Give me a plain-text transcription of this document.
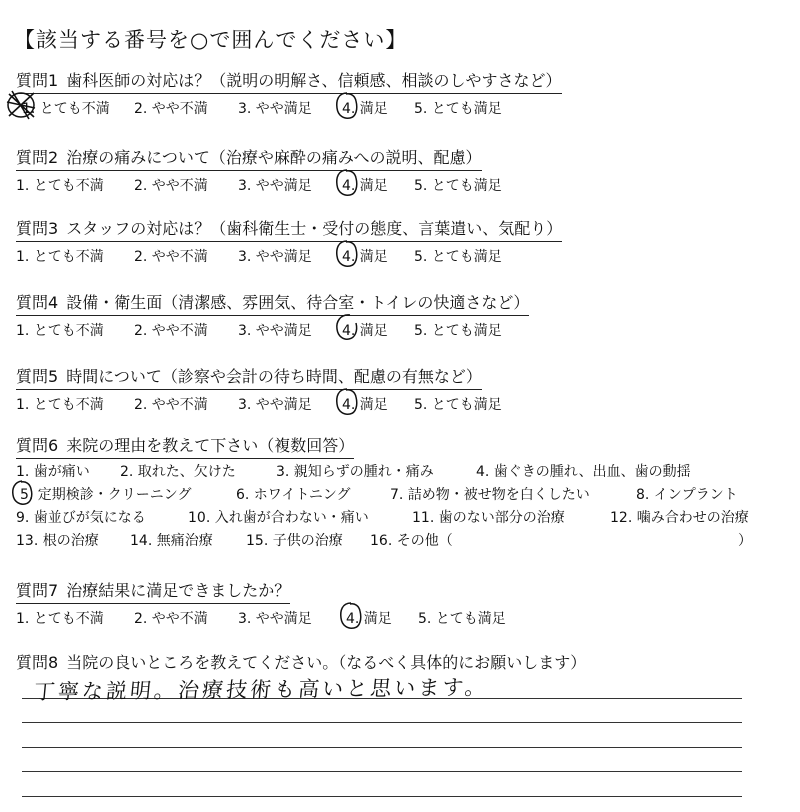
【該当する番号を○で囲んでください】
質問1 歯科医師の対応は？（説明の明解さ、信頼感、相談のしやすさなど）
1. とても不満 2. やや不満 3. やや満足 4. 満足 5. とても満足
質問2 治療の痛みについて（治療や麻酔の痛みへの説明、配慮）
1. とても不満 2. やや不満 3. やや満足 4. 満足 5. とても満足
質問3 スタッフの対応は？（歯科衛生士・受付の態度、言葉遣い、気配り）
1. とても不満 2. やや不満 3. やや満足 4. 満足 5. とても満足
質問4 設備・衛生面（清潔感、雰囲気、待合室・トイレの快適さなど）
1. とても不満 2. やや不満 3. やや満足 4. 満足 5. とても満足
質問5 時間について（診察や会計の待ち時間、配慮の有無など）
1. とても不満 2. やや不満 3. やや満足 4. 満足 5. とても満足
質問6 来院の理由を教えて下さい（複数回答）
1. 歯が痛い 2. 取れた、欠けた	3. 親知らずの腫れ・痛み	4. 歯ぐきの腫れ、出血、歯の動揺
5. 定期検診・クリーニング	6. ホワイトニング	7. 詰め物・被せ物を白くしたい	8. インプラント
9. 歯並びが気になる	10. 入れ歯が合わない・痛い	11. 歯のない部分の治療	12. 噛み合わせの治療
13. 根の治療 14. 無痛治療 15. 子供の治療 16. その他（	）
質問7 治療結果に満足できましたか？
1. とても不満 2. やや不満 3. やや満足 4. 満足 5. とても満足
質問8 当院の良いところを教えてください。（なるべく具体的にお願いします）
丁寧な説明。治療技術も高いと思います。
